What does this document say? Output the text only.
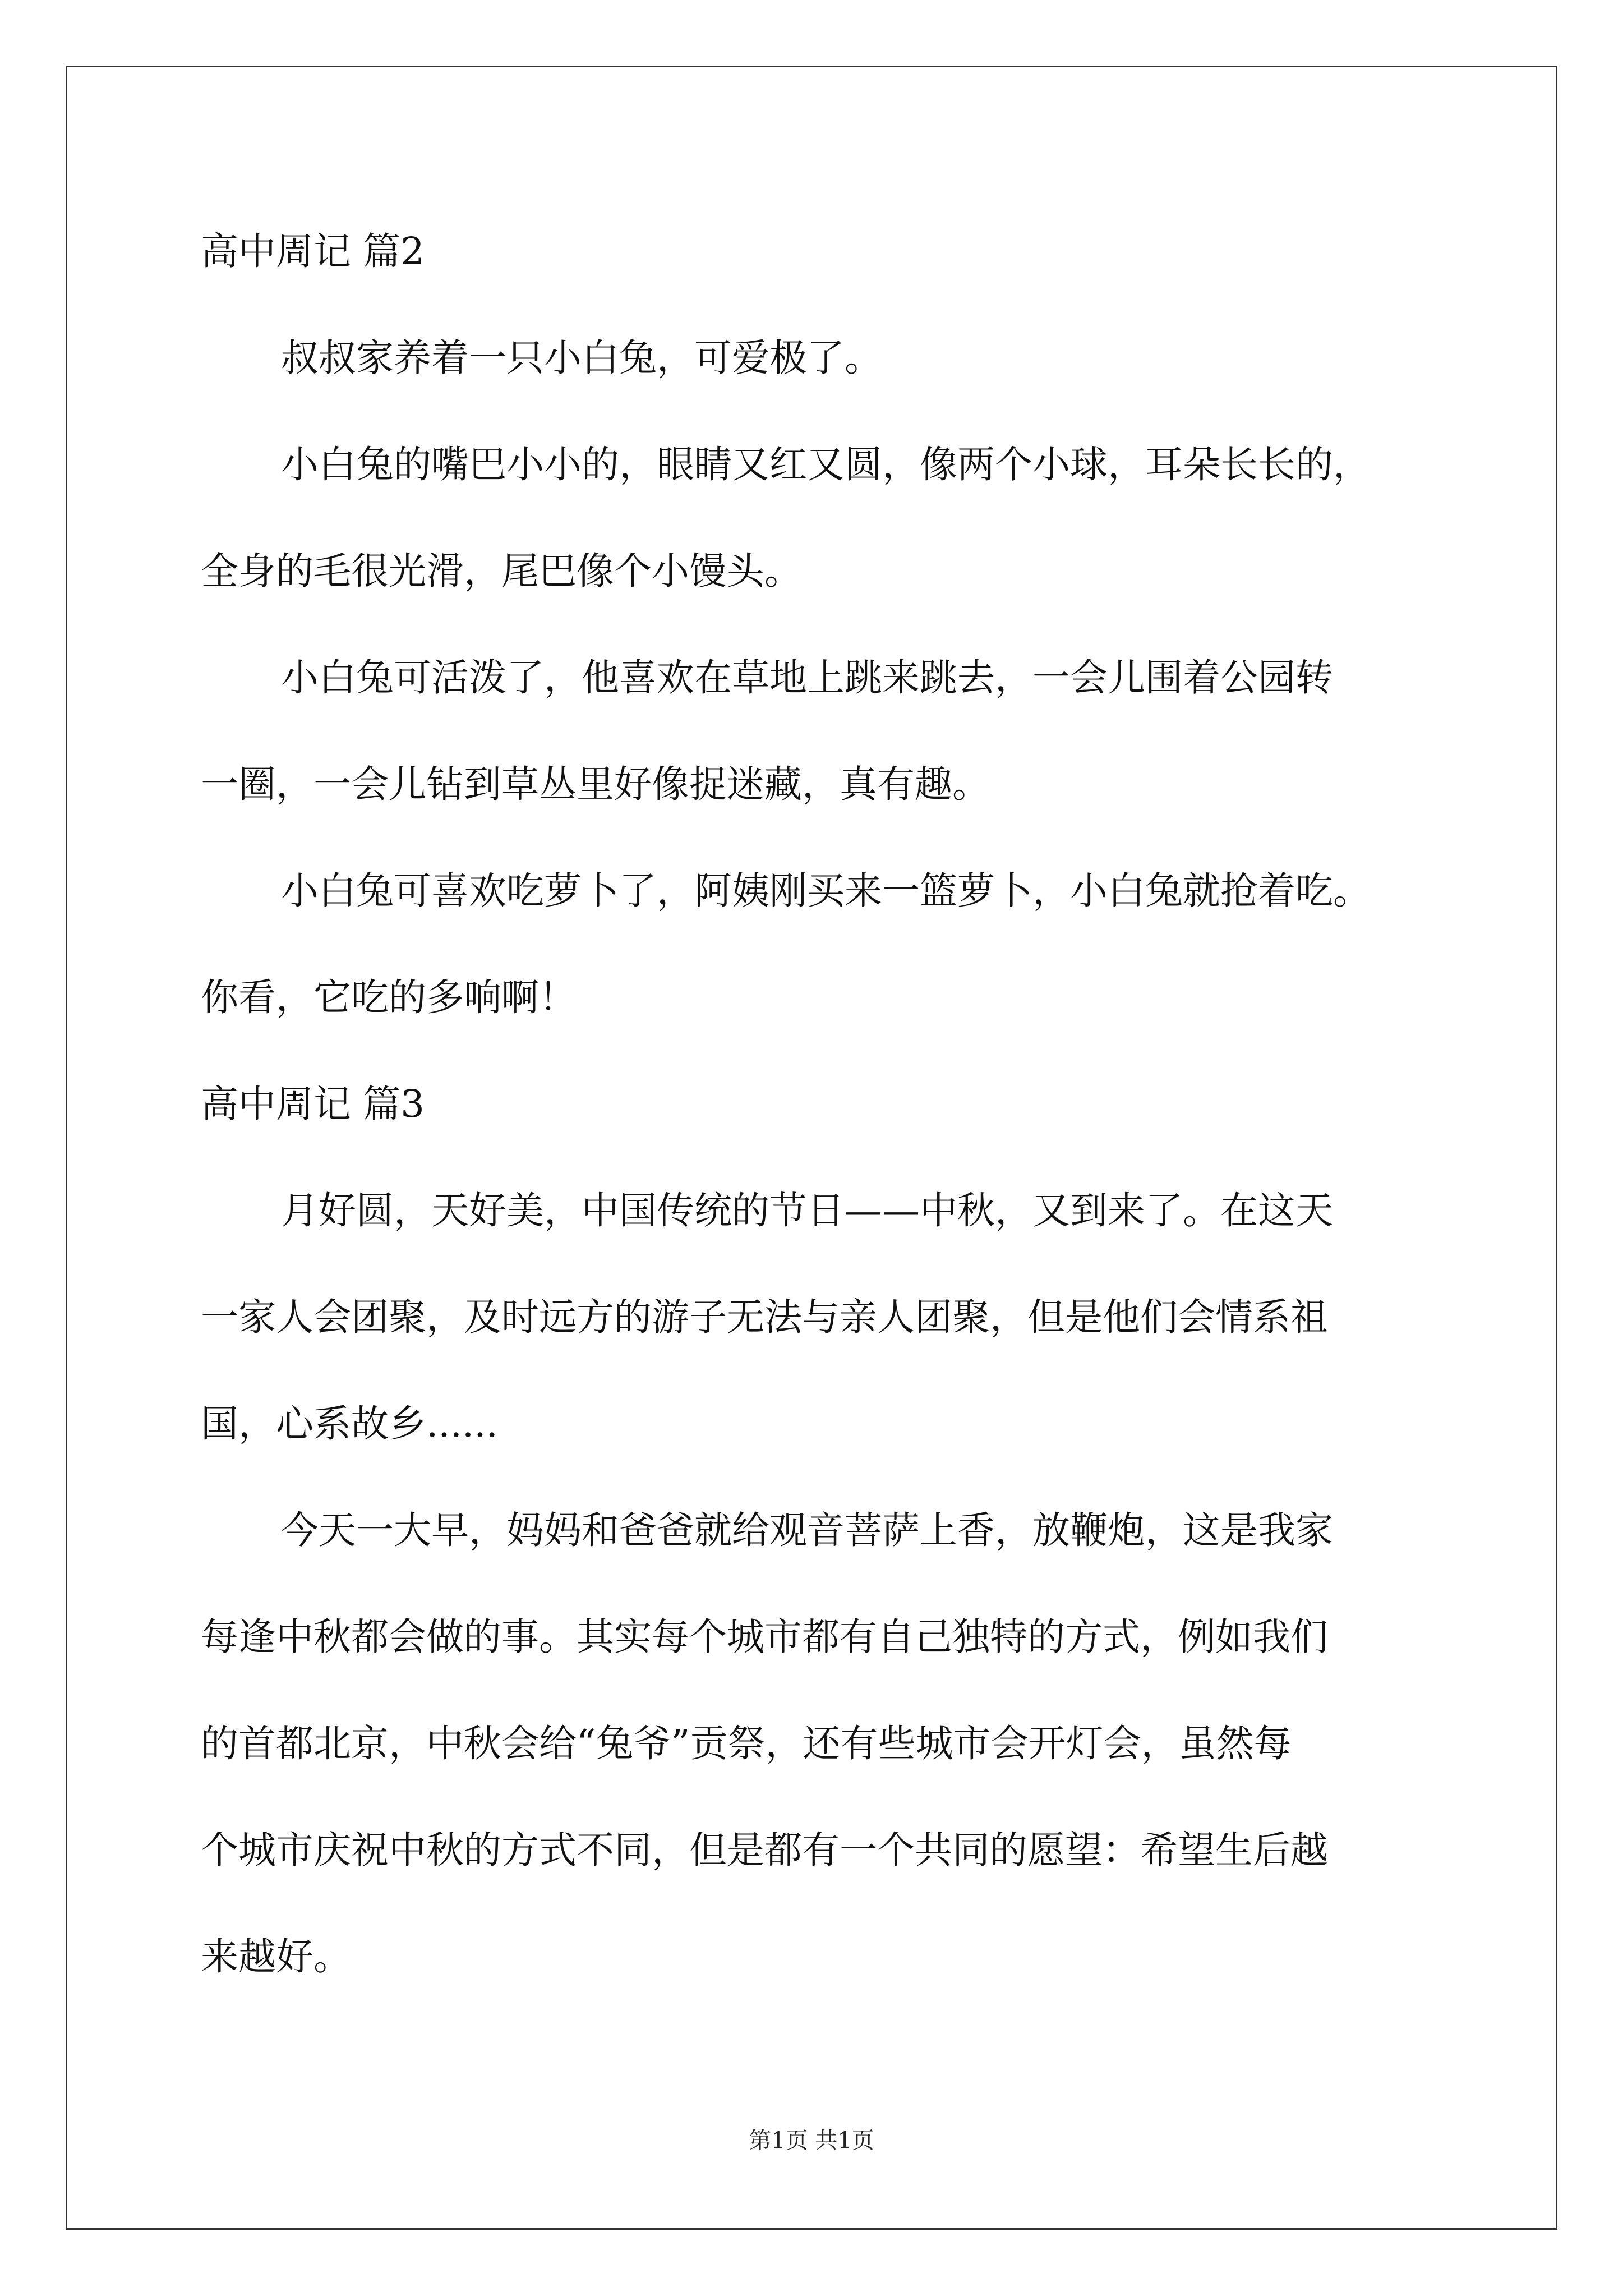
高中周记 篇2
叔叔家养着一只小白兔，可爱极了。
小白兔的嘴巴小小的，眼睛又红又圆，像两个小球，耳朵长长的，
全身的毛很光滑，尾巴像个小馒头。
小白兔可活泼了，他喜欢在草地上跳来跳去，一会儿围着公园转
一圈，一会儿钻到草丛里好像捉迷藏，真有趣。
小白兔可喜欢吃萝卜了，阿姨刚买来一篮萝卜，小白兔就抢着吃。
你看，它吃的多响啊！
高中周记 篇3
月好圆，天好美，中国传统的节日——中秋，又到来了。在这天
一家人会团聚，及时远方的游子无法与亲人团聚，但是他们会情系祖
国，心系故乡......
今天一大早，妈妈和爸爸就给观音菩萨上香，放鞭炮，这是我家
每逢中秋都会做的事。其实每个城市都有自己独特的方式，例如我们
的首都北京，中秋会给“兔爷”贡祭，还有些城市会开灯会，虽然每
个城市庆祝中秋的方式不同，但是都有一个共同的愿望：希望生后越
来越好。
第1页 共1页
